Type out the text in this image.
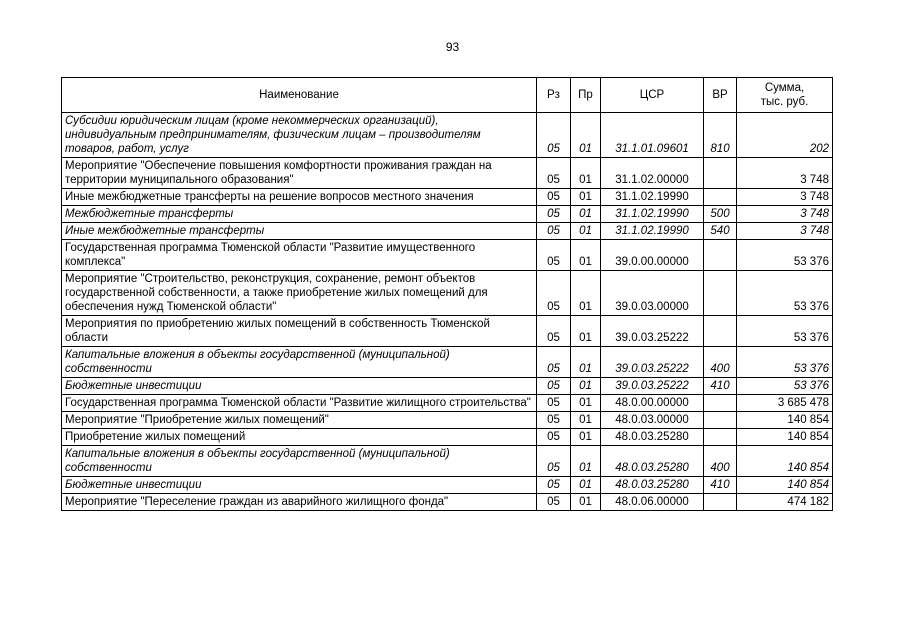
93
Наименование	Рз	Пр	ЦСР	ВР	Сумма,
тыс. руб.
Субсидии юридическим лицам (кроме некоммерческих организаций), индивидуальным предпринимателям, физическим лицам – производителям товаров, работ, услуг	05	01	31.1.01.09601	810	202
Мероприятие "Обеспечение повышения комфортности проживания граждан на территории муниципального образования"	05	01	31.1.02.00000		3 748
Иные межбюджетные трансферты на решение вопросов местного значения	05	01	31.1.02.19990		3 748
Межбюджетные трансферты	05	01	31.1.02.19990	500	3 748
Иные межбюджетные трансферты	05	01	31.1.02.19990	540	3 748
Государственная программа Тюменской области "Развитие имущественного комплекса"	05	01	39.0.00.00000		53 376
Мероприятие "Строительство, реконструкция, сохранение, ремонт объектов государственной собственности, а также приобретение жилых помещений для обеспечения нужд Тюменской области"	05	01	39.0.03.00000		53 376
Мероприятия по приобретению жилых помещений в собственность Тюменской области	05	01	39.0.03.25222		53 376
Капитальные вложения в объекты государственной (муниципальной) собственности	05	01	39.0.03.25222	400	53 376
Бюджетные инвестиции	05	01	39.0.03.25222	410	53 376
Государственная программа Тюменской области "Развитие жилищного строительства"	05	01	48.0.00.00000		3 685 478
Мероприятие "Приобретение жилых помещений"	05	01	48.0.03.00000		140 854
Приобретение жилых помещений	05	01	48.0.03.25280		140 854
Капитальные вложения в объекты государственной (муниципальной) собственности	05	01	48.0.03.25280	400	140 854
Бюджетные инвестиции	05	01	48.0.03.25280	410	140 854
Мероприятие "Переселение граждан из аварийного жилищного фонда"	05	01	48.0.06.00000		474 182
